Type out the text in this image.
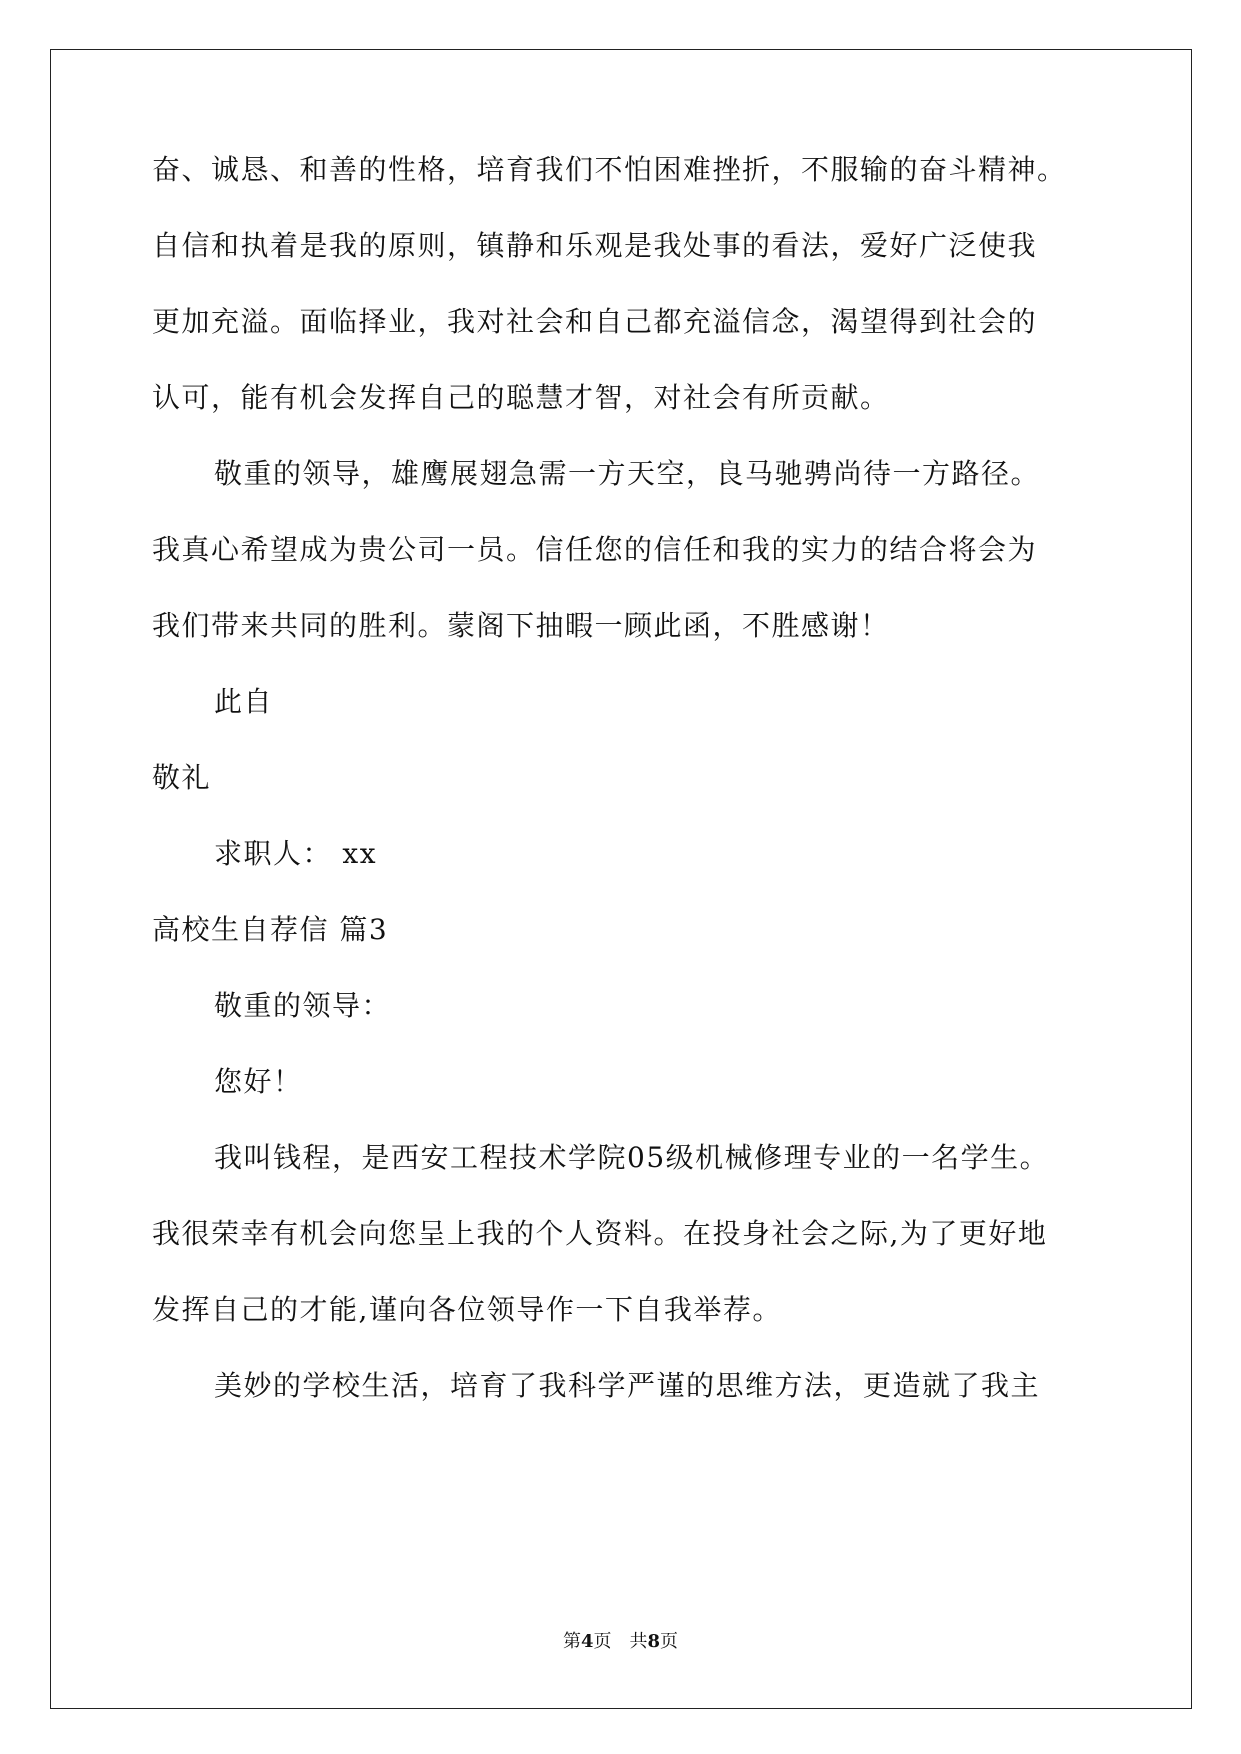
奋、诚恳、和善的性格，培育我们不怕困难挫折，不服输的奋斗精神。
自信和执着是我的原则，镇静和乐观是我处事的看法，爱好广泛使我
更加充溢。面临择业，我对社会和自己都充溢信念，渴望得到社会的
认可，能有机会发挥自己的聪慧才智，对社会有所贡献。
敬重的领导，雄鹰展翅急需一方天空，良马驰骋尚待一方路径。
我真心希望成为贵公司一员。信任您的信任和我的实力的结合将会为
我们带来共同的胜利。蒙阁下抽暇一顾此函，不胜感谢！
此自
敬礼
求职人： xx
高校生自荐信 篇3
敬重的领导：
您好！
我叫钱程，是西安工程技术学院05级机械修理专业的一名学生。
我很荣幸有机会向您呈上我的个人资料。在投身社会之际,为了更好地
发挥自己的才能,谨向各位领导作一下自我举荐。
美妙的学校生活，培育了我科学严谨的思维方法，更造就了我主
第4页　共8页
